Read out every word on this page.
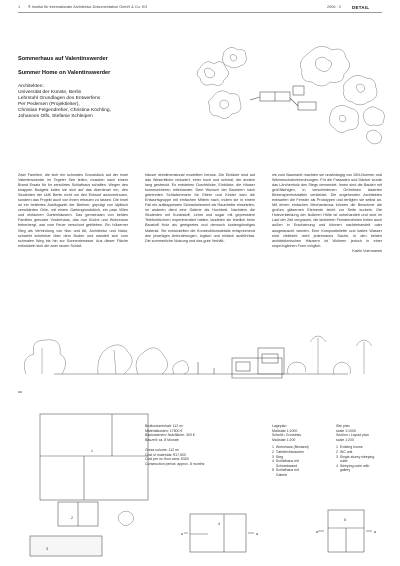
1 ® Institut für internationale Architektur-Dokumentation GmbH & Co. KG	2006 ∙ 3	DETAIL
Sommerhaus auf Valentinswerder
Summer Home on Valentinswerder
Architekten:
Universität der Künste, Berlin
Lehrstuhl Grundlagen des Entwerfens
Per Pedersen (Projektleiter),
Christian Felgendreher, Christina Köchling,
Johannes Olfs, Stefanie Schleipen

Zwei Familien, die sich ein schmales Grundstück auf der Insel Valentinswerder im Tegeler See teilen, mussten nach einem Brand Ersatz für ihr zerstörtes Schlafhaus schaffen. Wegen des knappen Budgets luden sie sich auf das Abenteuer ein, den Studenten der UdK Berlin nicht nur den Entwurf anzuvertrauen, sondern das Projekt auch von ihnen erbauen zu lassen. Die Insel ist ein beliebtes Ausflugsziel der Berliner, geprägt von idyllisch verwilderten Grün, mit einem Gartengrundstück, ein paar Villen und einfachen Gartenhäusern. Das gemeinsam von beiden Familien genutzte Vorderhaus, das nun Küche und Wohnraum beherbergt, war vom Feuer verschont geblieben. Ein hölzerner Steg als Verbindung von Neu und Alt, Architektur und Natur, schwebt scheinbar über dem Boden und wandelt sich vom schmalen Weg bis hin zur Sonnenterrasse. Aus dieser Fläche entwickeln sich die zwei neuen Schlaf-

häuser dreidimensional modelliert heraus. Die Einläufe sind auf das Wesentliche reduziert, einer hoch und schmal, der andere lang gestreckt. Es entstehen Durchblicke, Einblicke, die Häuser kommunizieren miteinander. Dem Wunsch der Bauherrn nach getrennten Schlafzimmern für Eltern und Kinder kam die Entwurfsgruppe mit einfachen Mitteln nach, indem sie in einem Fall ein aufklappbares Schrankelement als Raumteiler einsetzten, im anderen dient eine Galerie als Hochbett. Nachdem die Studenten mit Kunststoff, Lehm und sogar mit gepresstem Telefonbüchern experimentiert hatten, landeten sie letztlich beim Baustoff Holz als geeignetes und dennoch kostengünstiges Material. Sie entwickelten die Konstruktionsdetails entsprechend den jeweiligen Anforderungen, logisch und einfach ausführbar. Die sommerliche Nutzung und das gute Verhält-

nis zum Baumarkt machten sie unabhängig von DIN-Normen und Wärmeschutzverordnungen. Für die Fassaden und Dächer wurde das Lärchenholz des Stegs verwendet. Innen sind die Bauten mit großflächigen, in verschiedenen Grüntönen lasierten Birkensperrholztafeln verkleidet. Die angehenden Architekten entwarfen die Fenster als Prototypen und fertigten sie selbst an. Mit einem einfachen Mechanismus können die Bewohner die großen gläsernen Elemente leicht zur Seite kurbeln. Die Holzverkleidung der äußeren Hölle ist unbehandelt und wird im Lauf der Zeit vergrauen, die lackierten Fensterrahmen treten auch außen in Erscheinung und können nachbehandelt oder ausgetauscht werden. Eine Komposttoilette und kaltes Wasser sind vielleicht nicht jedermanns Sache, in den beiden architektonischen Häusern ist Wohnen jedoch in einer ursprünglichen Form möglich.

Katrin Voermanek
aa
1
2
3
a	a
4
5
a	a
Bruttorauminhalt: 112 m³
Materialkosten: 17500 €
Baukosten/m² Nutzfläche: 300 €
Bauzeit: ca. 8 Monate
Gross volume: 112 m³
Cost of materials: €17,500
Cost per m² floor area: €300
Construction period: approx. 8 months
Lageplan
Maßstab 1:1000
Schnitt • Grundriss
Maßstab 1:200
1  Wohnhaus (Bestand)
2  Toilettenhäuschen
3  Steg
4  Schlafhaus mit
Schrankwand
5  Schlafhaus mit
Galerie
Site plan
scale 1:1000
Section • Layout plan
scale 1:200
1  Existing house
2  WC unit
3  Single-storey sleeping
cube
4  Sleeping cube with
gallery
